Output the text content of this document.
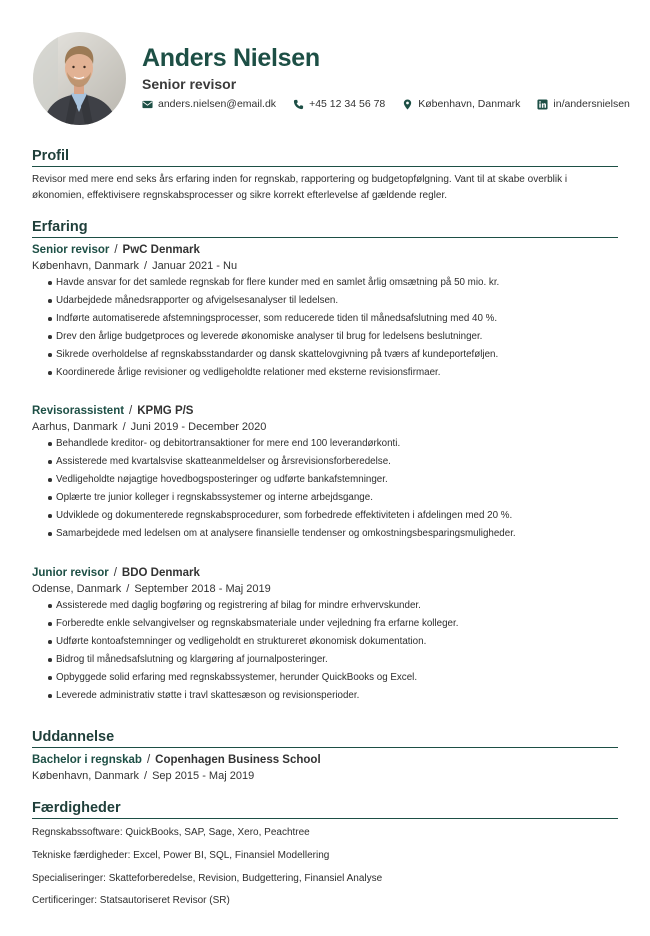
Anders Nielsen
Senior revisor
anders.nielsen@email.dk	+45 12 34 56 78	København, Danmark	in/andersnielsen
Profil
Revisor med mere end seks års erfaring inden for regnskab, rapportering og budgetopfølgning. Vant til at skabe overblik i økonomien, effektivisere regnskabsprocesser og sikre korrekt efterlevelse af gældende regler.
Erfaring
Senior revisor / PwC Denmark
København, Danmark / Januar 2021 - Nu
Havde ansvar for det samlede regnskab for flere kunder med en samlet årlig omsætning på 50 mio. kr.
Udarbejdede månedsrapporter og afvigelsesanalyser til ledelsen.
Indførte automatiserede afstemningsprocesser, som reducerede tiden til månedsafslutning med 40 %.
Drev den årlige budgetproces og leverede økonomiske analyser til brug for ledelsens beslutninger.
Sikrede overholdelse af regnskabsstandarder og dansk skattelovgivning på tværs af kundeporteføljen.
Koordinerede årlige revisioner og vedligeholdte relationer med eksterne revisionsfirmaer.
Revisorassistent / KPMG P/S
Aarhus, Danmark / Juni 2019 - December 2020
Behandlede kreditor- og debitortransaktioner for mere end 100 leverandørkonti.
Assisterede med kvartalsvise skatteanmeldelser og årsrevisionsforberedelse.
Vedligeholdte nøjagtige hovedbogsposteringer og udførte bankafstemninger.
Oplærte tre junior kolleger i regnskabssystemer og interne arbejdsgange.
Udviklede og dokumenterede regnskabsprocedurer, som forbedrede effektiviteten i afdelingen med 20 %.
Samarbejdede med ledelsen om at analysere finansielle tendenser og omkostningsbesparingsmuligheder.
Junior revisor / BDO Denmark
Odense, Danmark / September 2018 - Maj 2019
Assisterede med daglig bogføring og registrering af bilag for mindre erhvervskunder.
Forberedte enkle selvangivelser og regnskabsmateriale under vejledning fra erfarne kolleger.
Udførte kontoafstemninger og vedligeholdt en struktureret økonomisk dokumentation.
Bidrog til månedsafslutning og klargøring af journalposteringer.
Opbyggede solid erfaring med regnskabssystemer, herunder QuickBooks og Excel.
Leverede administrativ støtte i travl skattesæson og revisionsperioder.
Uddannelse
Bachelor i regnskab / Copenhagen Business School
København, Danmark / Sep 2015 - Maj 2019
Færdigheder
Regnskabssoftware: QuickBooks, SAP, Sage, Xero, Peachtree
Tekniske færdigheder: Excel, Power BI, SQL, Finansiel Modellering
Specialiseringer: Skatteforberedelse, Revision, Budgettering, Finansiel Analyse
Certificeringer: Statsautoriseret Revisor (SR)
